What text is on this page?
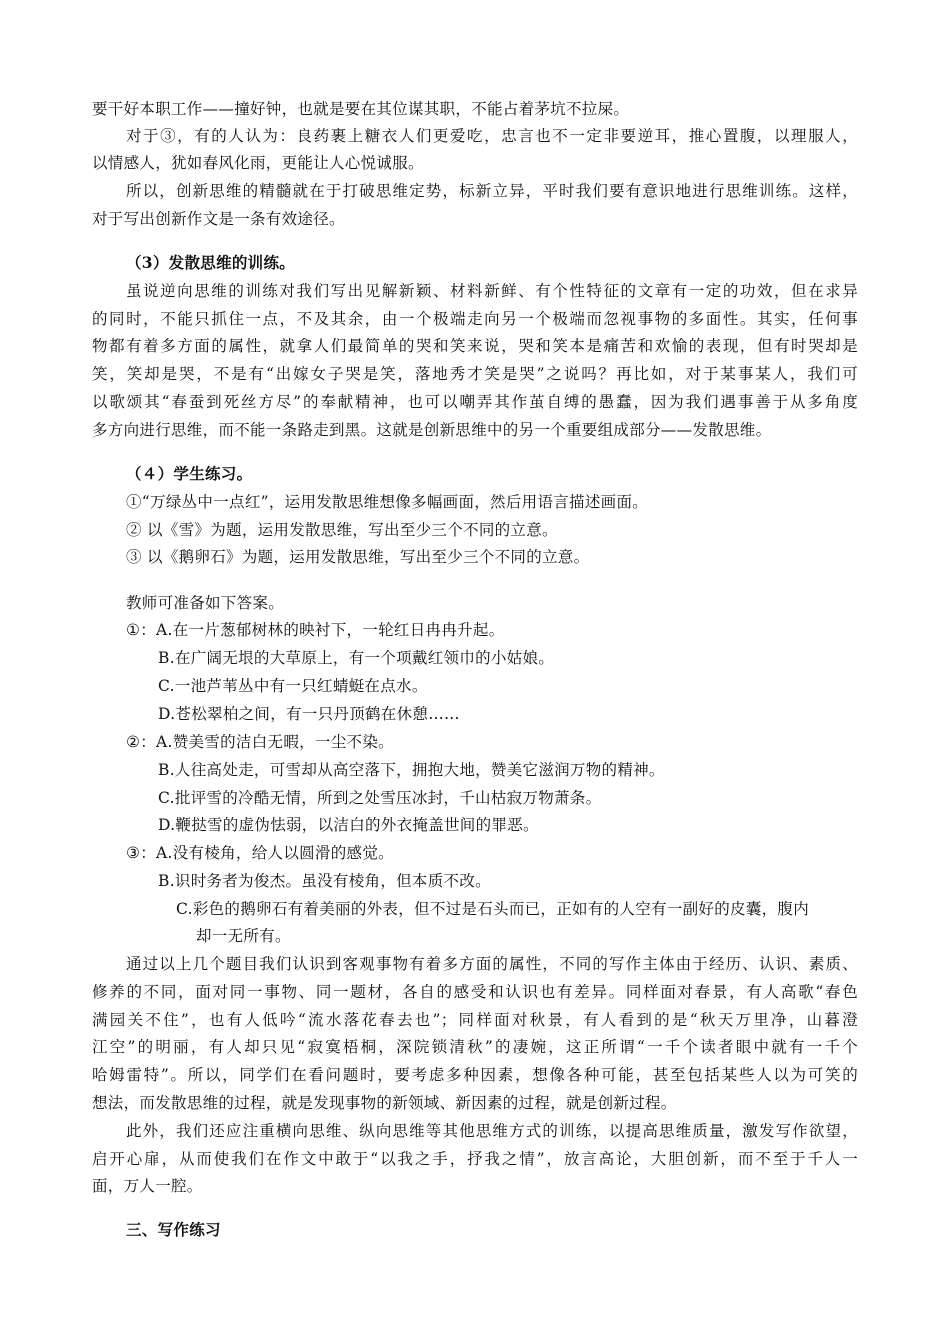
要干好本职工作——撞好钟，也就是要在其位谋其职，不能占着茅坑不拉屎。
对于③，有的人认为：良药裹上糖衣人们更爱吃，忠言也不一定非要逆耳，推心置腹，以理服人，
以情感人，犹如春风化雨，更能让人心悦诚服。
所以，创新思维的精髓就在于打破思维定势，标新立异，平时我们要有意识地进行思维训练。这样，
对于写出创新作文是一条有效途径。
（3）发散思维的训练。
虽说逆向思维的训练对我们写出见解新颖、材料新鲜、有个性特征的文章有一定的功效，但在求异
的同时，不能只抓住一点，不及其余，由一个极端走向另一个极端而忽视事物的多面性。其实，任何事
物都有着多方面的属性，就拿人们最简单的哭和笑来说，哭和笑本是痛苦和欢愉的表现，但有时哭却是
笑，笑却是哭，不是有“出嫁女子哭是笑，落地秀才笑是哭”之说吗？再比如，对于某事某人，我们可
以歌颂其“春蚕到死丝方尽”的奉献精神，也可以嘲弄其作茧自缚的愚蠢，因为我们遇事善于从多角度
多方向进行思维，而不能一条路走到黑。这就是创新思维中的另一个重要组成部分——发散思维。
（４）学生练习。
①“万绿丛中一点红”，运用发散思维想像多幅画面，然后用语言描述画面。
② 以《雪》为题，运用发散思维，写出至少三个不同的立意。
③ 以《鹅卵石》为题，运用发散思维，写出至少三个不同的立意。
教师可准备如下答案。
①：A.在一片葱郁树林的映衬下，一轮红日冉冉升起。
B.在广阔无垠的大草原上，有一个项戴红领巾的小姑娘。
C.一池芦苇丛中有一只红蜻蜓在点水。
D.苍松翠柏之间，有一只丹顶鹤在休憩……
②：A.赞美雪的洁白无暇，一尘不染。
B.人往高处走，可雪却从高空落下，拥抱大地，赞美它滋润万物的精神。
C.批评雪的冷酷无情，所到之处雪压冰封，千山枯寂万物萧条。
D.鞭挞雪的虚伪怯弱，以洁白的外衣掩盖世间的罪恶。
③：A.没有棱角，给人以圆滑的感觉。
B.识时务者为俊杰。虽没有棱角，但本质不改。
C.彩色的鹅卵石有着美丽的外表，但不过是石头而已，正如有的人空有一副好的皮囊，腹内
却一无所有。
通过以上几个题目我们认识到客观事物有着多方面的属性，不同的写作主体由于经历、认识、素质、
修养的不同，面对同一事物、同一题材，各自的感受和认识也有差异。同样面对春景，有人高歌“春色
满园关不住”，也有人低吟“流水落花春去也”；同样面对秋景，有人看到的是“秋天万里净，山暮澄
江空”的明丽，有人却只见“寂寞梧桐，深院锁清秋”的凄婉，这正所谓“一千个读者眼中就有一千个
哈姆雷特”。所以，同学们在看问题时，要考虑多种因素，想像各种可能，甚至包括某些人以为可笑的
想法，而发散思维的过程，就是发现事物的新领域、新因素的过程，就是创新过程。
此外，我们还应注重横向思维、纵向思维等其他思维方式的训练，以提高思维质量，激发写作欲望，
启开心扉，从而使我们在作文中敢于“以我之手，抒我之情”，放言高论，大胆创新，而不至于千人一
面，万人一腔。
三、写作练习
